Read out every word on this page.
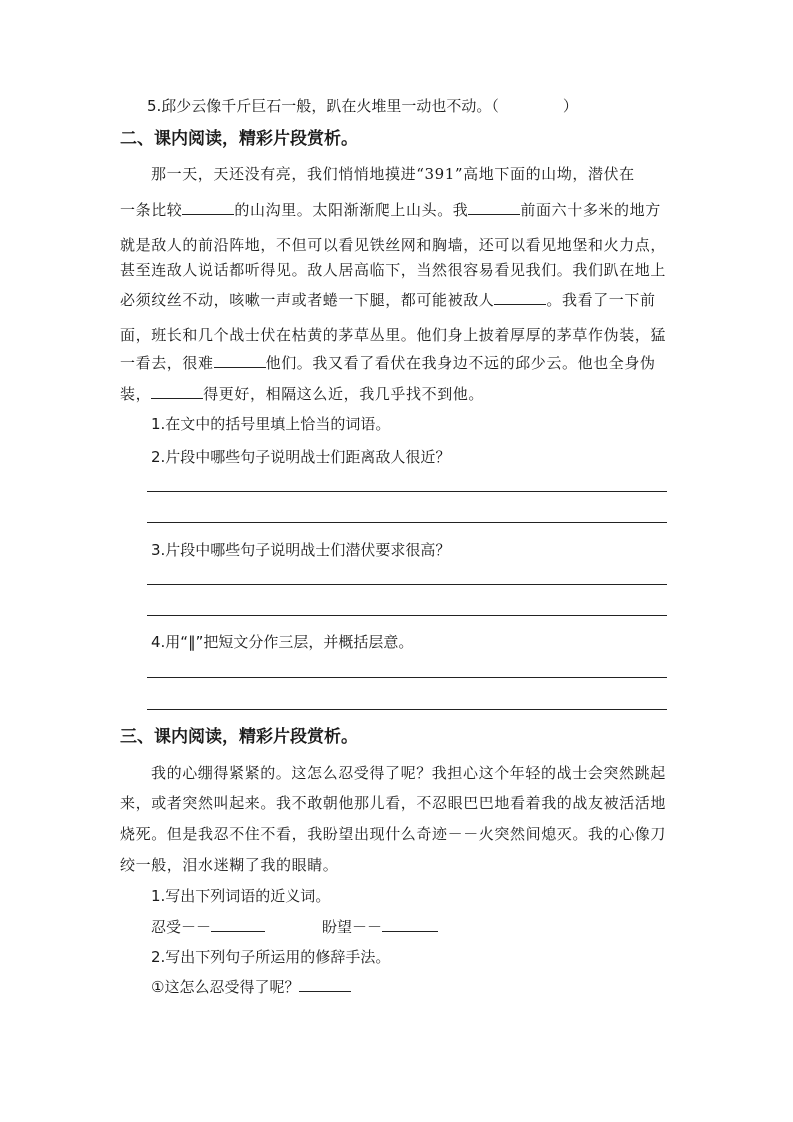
5.邱少云像千斤巨石一般，趴在火堆里一动也不动。（	）
二、课内阅读，精彩片段赏析。
那一天，天还没有亮，我们悄悄地摸进“391”高地下面的山坳，潜伏在
一条比较	的山沟里。太阳渐渐爬上山头。我	前面六十多米的地方
就是敌人的前沿阵地，不但可以看见铁丝网和胸墙，还可以看见地堡和火力点，
甚至连敌人说话都听得见。敌人居高临下，当然很容易看见我们。我们趴在地上
必须纹丝不动，咳嗽一声或者蜷一下腿，都可能被敌人	。我看了一下前
面，班长和几个战士伏在枯黄的茅草丛里。他们身上披着厚厚的茅草作伪装，猛
一看去，很难	他们。我又看了看伏在我身边不远的邱少云。他也全身伪
装，	得更好，相隔这么近，我几乎找不到他。
1.在文中的括号里填上恰当的词语。
2.片段中哪些句子说明战士们距离敌人很近？
3.片段中哪些句子说明战士们潜伏要求很高？
4.用“‖”把短文分作三层，并概括层意。
三、课内阅读，精彩片段赏析。
我的心绷得紧紧的。这怎么忍受得了呢？我担心这个年轻的战士会突然跳起
来，或者突然叫起来。我不敢朝他那儿看，不忍眼巴巴地看着我的战友被活活地
烧死。但是我忍不住不看，我盼望出现什么奇迹－－火突然间熄灭。我的心像刀
绞一般，泪水迷糊了我的眼睛。
1.写出下列词语的近义词。
忍受－－	盼望－－
2.写出下列句子所运用的修辞手法。
①这怎么忍受得了呢？
